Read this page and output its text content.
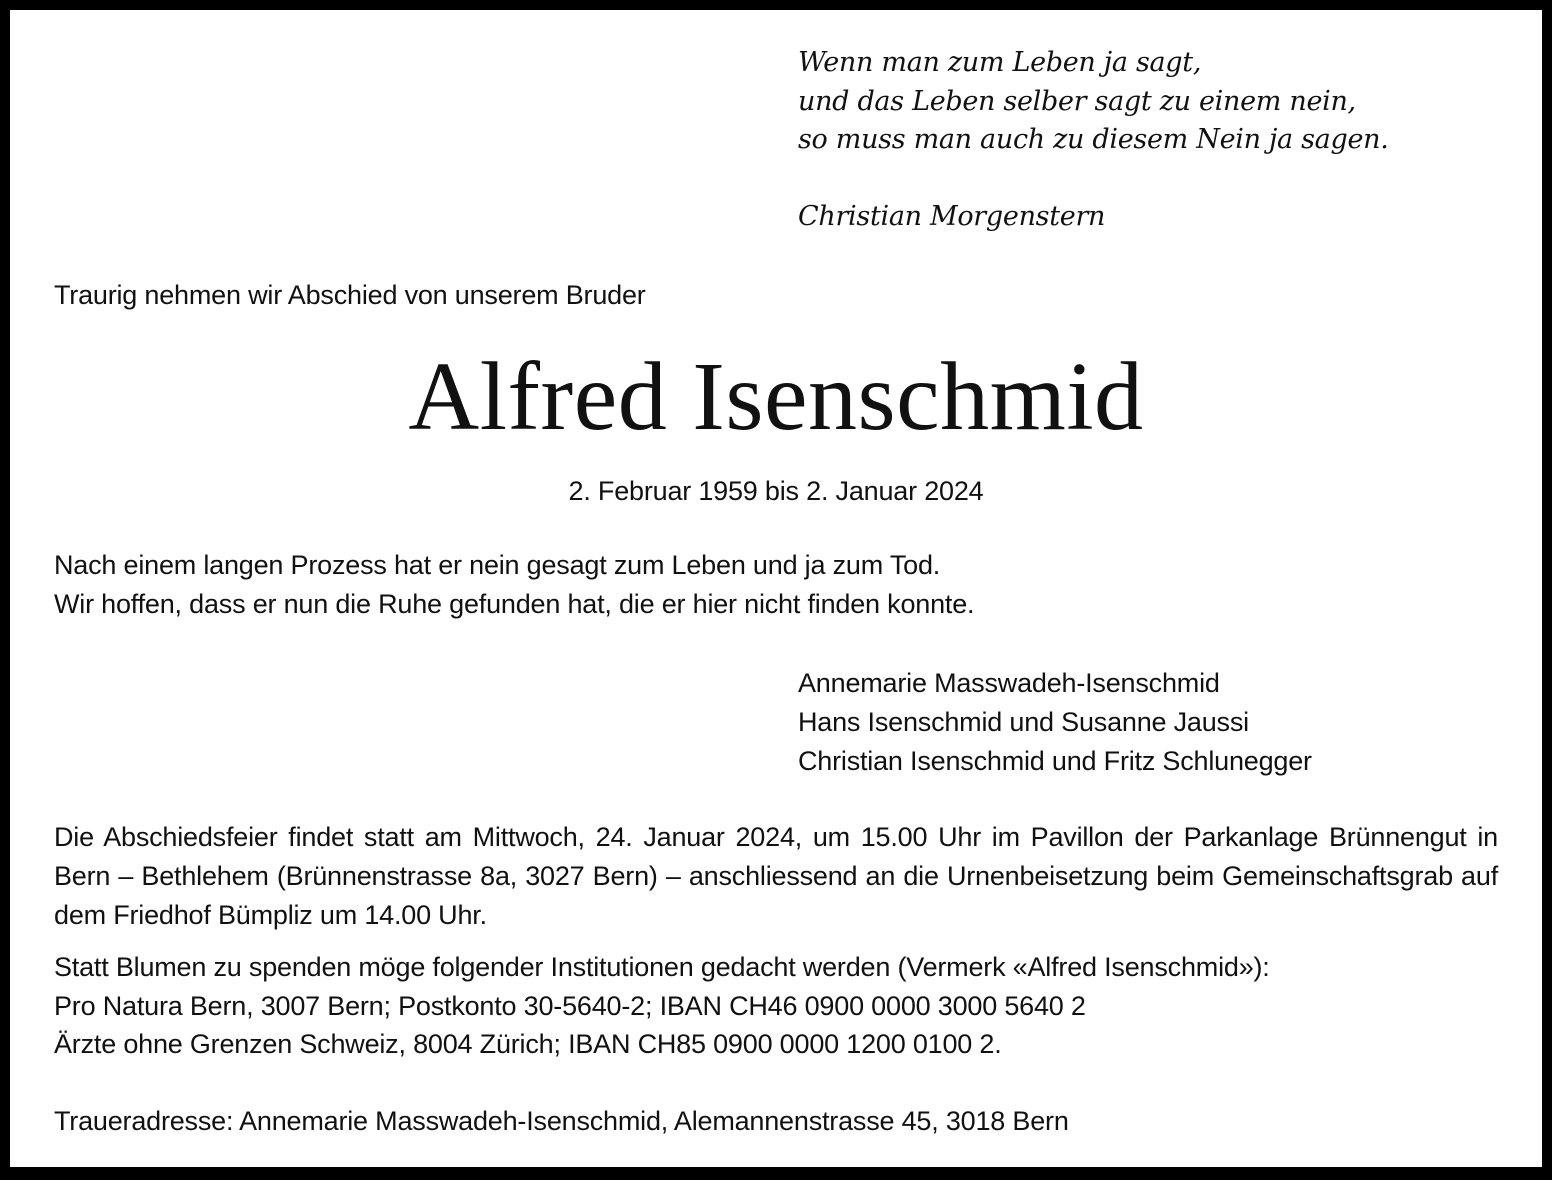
Wenn man zum Leben ja sagt,
und das Leben selber sagt zu einem nein,
so muss man auch zu diesem Nein ja sagen.
Christian Morgenstern
Traurig nehmen wir Abschied von unserem Bruder
Alfred Isenschmid
2. Februar 1959 bis 2. Januar 2024
Nach einem langen Prozess hat er nein gesagt zum Leben und ja zum Tod.
Wir hoffen, dass er nun die Ruhe gefunden hat, die er hier nicht finden konnte.
Annemarie Masswadeh-Isenschmid
Hans Isenschmid und Susanne Jaussi
Christian Isenschmid und Fritz Schlunegger
Die Abschiedsfeier findet statt am Mittwoch, 24. Januar 2024, um 15.00 Uhr im Pavillon der Parkanlage Brünnengut in Bern – Bethlehem (Brünnenstrasse 8a, 3027 Bern) – anschliessend an die Urnenbeisetzung beim Gemeinschaftsgrab auf dem Friedhof Bümpliz um 14.00 Uhr.
Statt Blumen zu spenden möge folgender Institutionen gedacht werden (Vermerk «Alfred Isenschmid»):
Pro Natura Bern, 3007 Bern; Postkonto 30-5640-2; IBAN CH46 0900 0000 3000 5640 2
Ärzte ohne Grenzen Schweiz, 8004 Zürich; IBAN CH85 0900 0000 1200 0100 2.
Traueradresse: Annemarie Masswadeh-Isenschmid, Alemannenstrasse 45, 3018 Bern
